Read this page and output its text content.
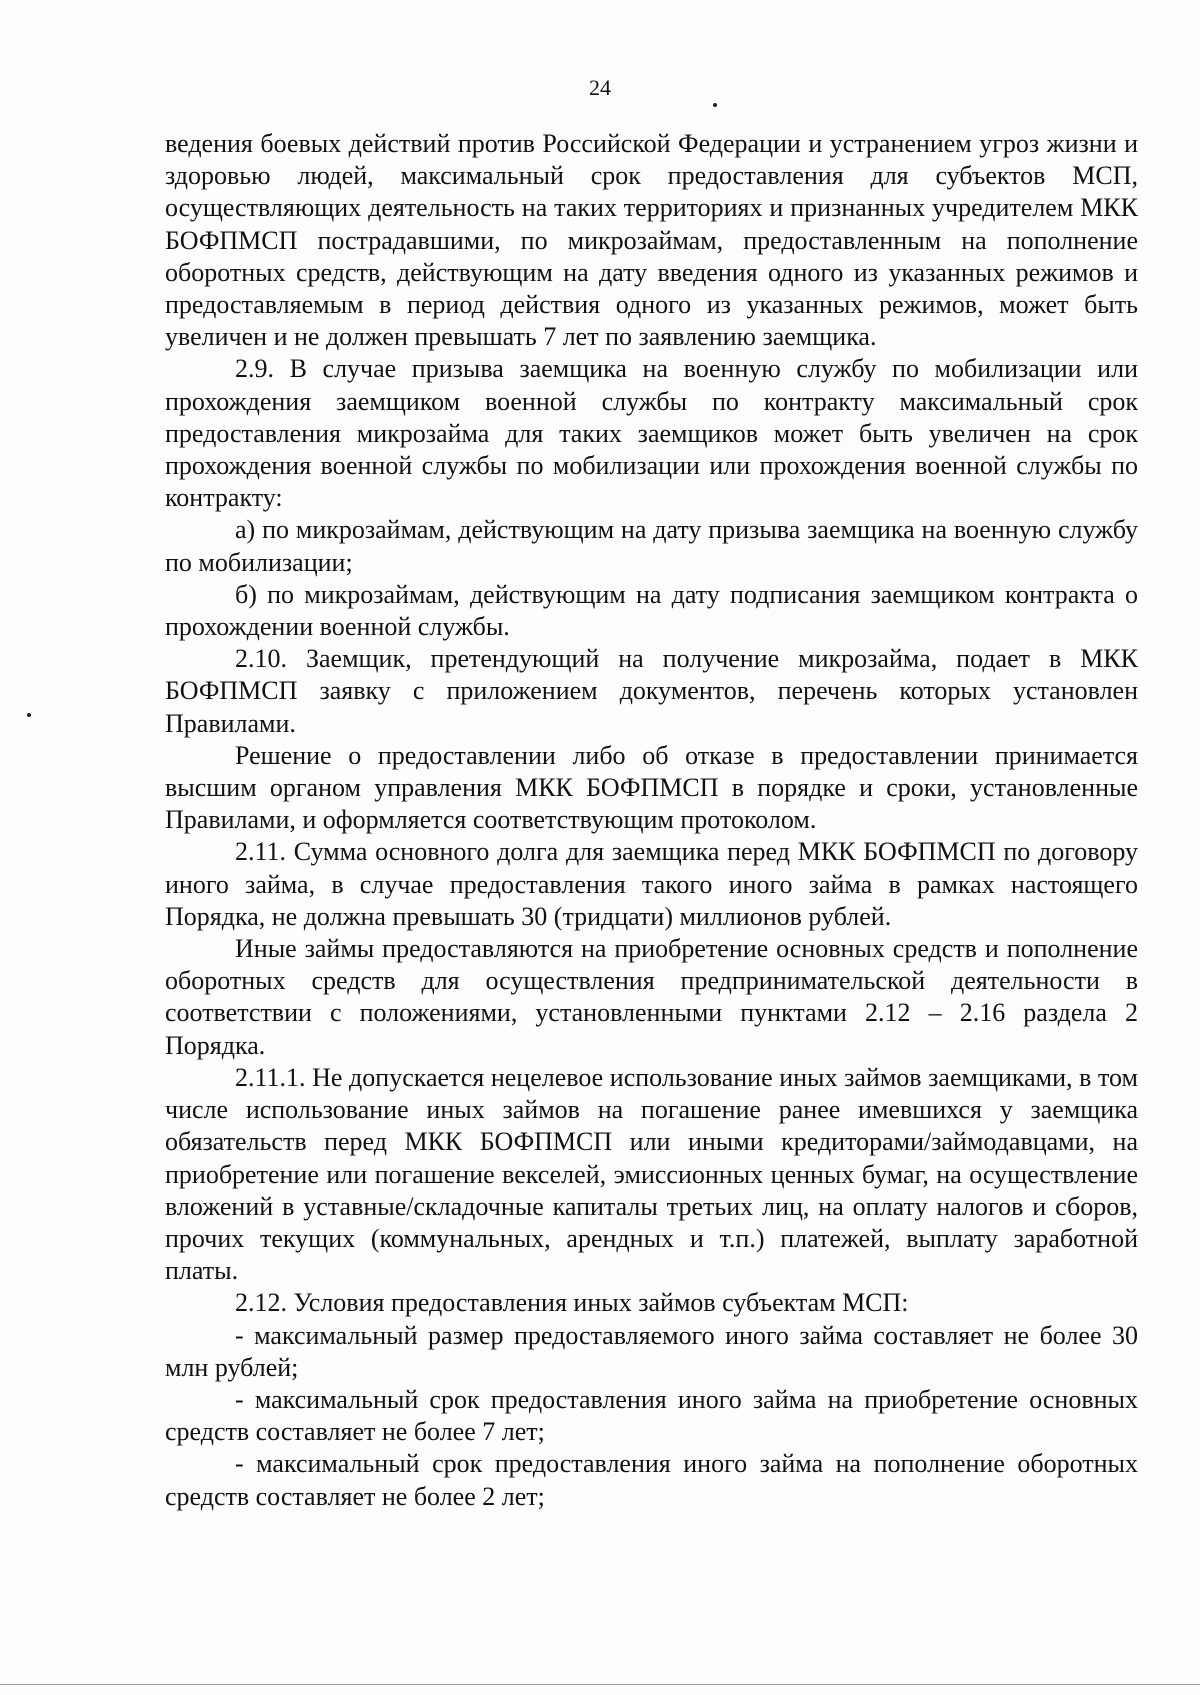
24

ведения боевых действий против Российской Федерации и устранением угроз жизни и здоровью людей, максимальный срок предоставления для субъектов МСП, осуществляющих деятельность на таких территориях и признанных учредителем МКК БОФПМСП пострадавшими, по микрозаймам, предоставленным на пополнение оборотных средств, действующим на дату введения одного из указанных режимов и предоставляемым в период действия одного из указанных режимов, может быть увеличен и не должен превышать 7 лет по заявлению заемщика.

2.9. В случае призыва заемщика на военную службу по мобилизации или прохождения заемщиком военной службы по контракту максимальный срок предоставления микрозайма для таких заемщиков может быть увеличен на срок прохождения военной службы по мобилизации или прохождения военной службы по контракту:

а) по микрозаймам, действующим на дату призыва заемщика на военную службу по мобилизации;

б) по микрозаймам, действующим на дату подписания заемщиком контракта о прохождении военной службы.

2.10. Заемщик, претендующий на получение микрозайма, подает в МКК БОФПМСП заявку с приложением документов, перечень которых установлен Правилами.

Решение о предоставлении либо об отказе в предоставлении принимается высшим органом управления МКК БОФПМСП в порядке и сроки, установленные Правилами, и оформляется соответствующим протоколом.

2.11. Сумма основного долга для заемщика перед МКК БОФПМСП по договору иного займа, в случае предоставления такого иного займа в рамках настоящего Порядка, не должна превышать 30 (тридцати) миллионов рублей.

Иные займы предоставляются на приобретение основных средств и пополнение оборотных средств для осуществления предпринимательской деятельности в соответствии с положениями, установленными пунктами 2.12 – 2.16 раздела 2 Порядка.

2.11.1. Не допускается нецелевое использование иных займов заемщиками, в том числе использование иных займов на погашение ранее имевшихся у заемщика обязательств перед МКК БОФПМСП или иными кредиторами/займодавцами, на приобретение или погашение векселей, эмиссионных ценных бумаг, на осуществление вложений в уставные/складочные капиталы третьих лиц, на оплату налогов и сборов, прочих текущих (коммунальных, арендных и т.п.) платежей, выплату заработной платы.

2.12. Условия предоставления иных займов субъектам МСП:

- максимальный размер предоставляемого иного займа составляет не более 30 млн рублей;

- максимальный срок предоставления иного займа на приобретение основных средств составляет не более 7 лет;

- максимальный срок предоставления иного займа на пополнение оборотных средств составляет не более 2 лет;
